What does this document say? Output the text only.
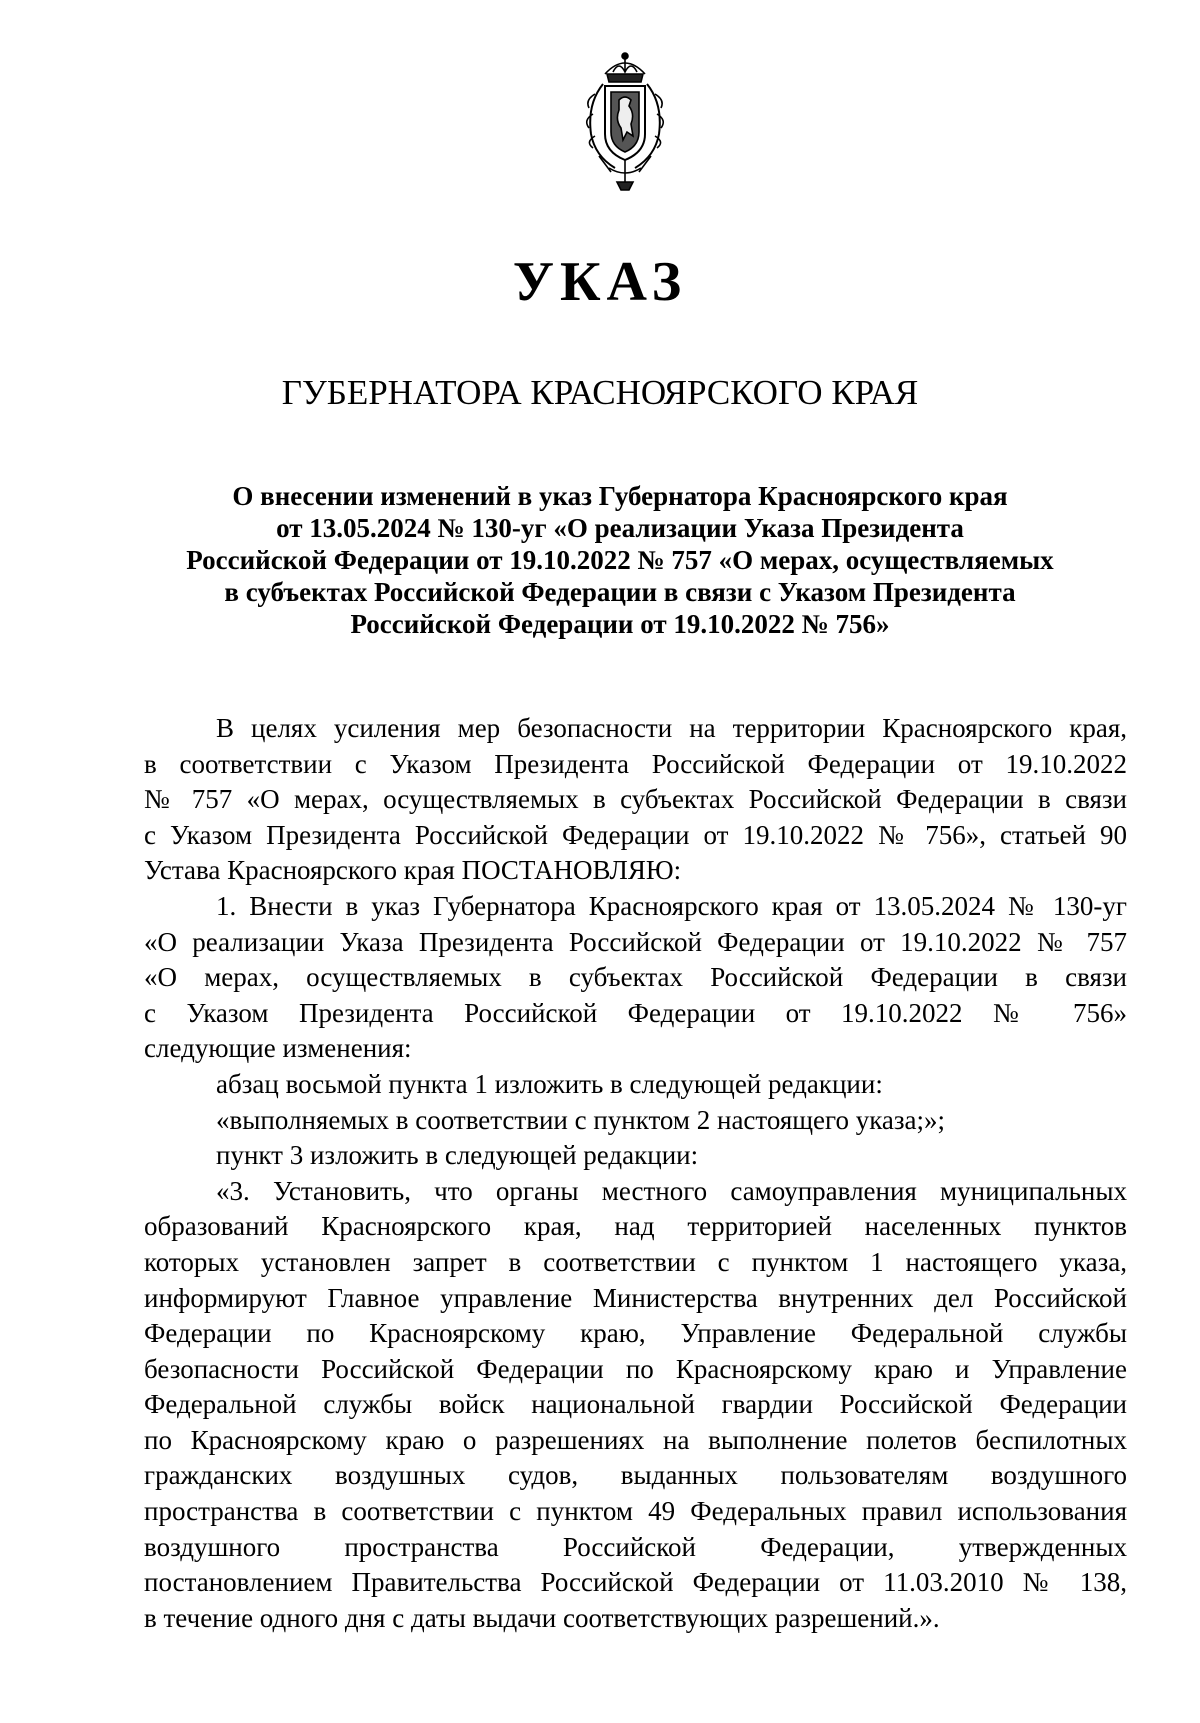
УКАЗ
ГУБЕРНАТОРА КРАСНОЯРСКОГО КРАЯ
О внесении изменений в указ Губернатора Красноярского края
от 13.05.2024 № 130-уг «О реализации Указа Президента
Российской Федерации от 19.10.2022 № 757 «О мерах, осуществляемых
в субъектах Российской Федерации в связи с Указом Президента
Российской Федерации от 19.10.2022 № 756»
В целях усиления мер безопасности на территории Красноярского края,
в соответствии с Указом Президента Российской Федерации от 19.10.2022
№ 757 «О мерах, осуществляемых в субъектах Российской Федерации в связи
с Указом Президента Российской Федерации от 19.10.2022 № 756», статьей 90
Устава Красноярского края ПОСТАНОВЛЯЮ:
1. Внести в указ Губернатора Красноярского края от 13.05.2024 № 130-уг
«О реализации Указа Президента Российской Федерации от 19.10.2022 № 757
«О мерах, осуществляемых в субъектах Российской Федерации в связи
с Указом Президента Российской Федерации от 19.10.2022 № 756»
следующие изменения:
абзац восьмой пункта 1 изложить в следующей редакции:
«выполняемых в соответствии с пунктом 2 настоящего указа;»;
пункт 3 изложить в следующей редакции:
«3. Установить, что органы местного самоуправления муниципальных
образований Красноярского края, над территорией населенных пунктов
которых установлен запрет в соответствии с пунктом 1 настоящего указа,
информируют Главное управление Министерства внутренних дел Российской
Федерации по Красноярскому краю, Управление Федеральной службы
безопасности Российской Федерации по Красноярскому краю и Управление
Федеральной службы войск национальной гвардии Российской Федерации
по Красноярскому краю о разрешениях на выполнение полетов беспилотных
гражданских воздушных судов, выданных пользователям воздушного
пространства в соответствии с пунктом 49 Федеральных правил использования
воздушного пространства Российской Федерации, утвержденных
постановлением Правительства Российской Федерации от 11.03.2010 № 138,
в течение одного дня с даты выдачи соответствующих разрешений.».
